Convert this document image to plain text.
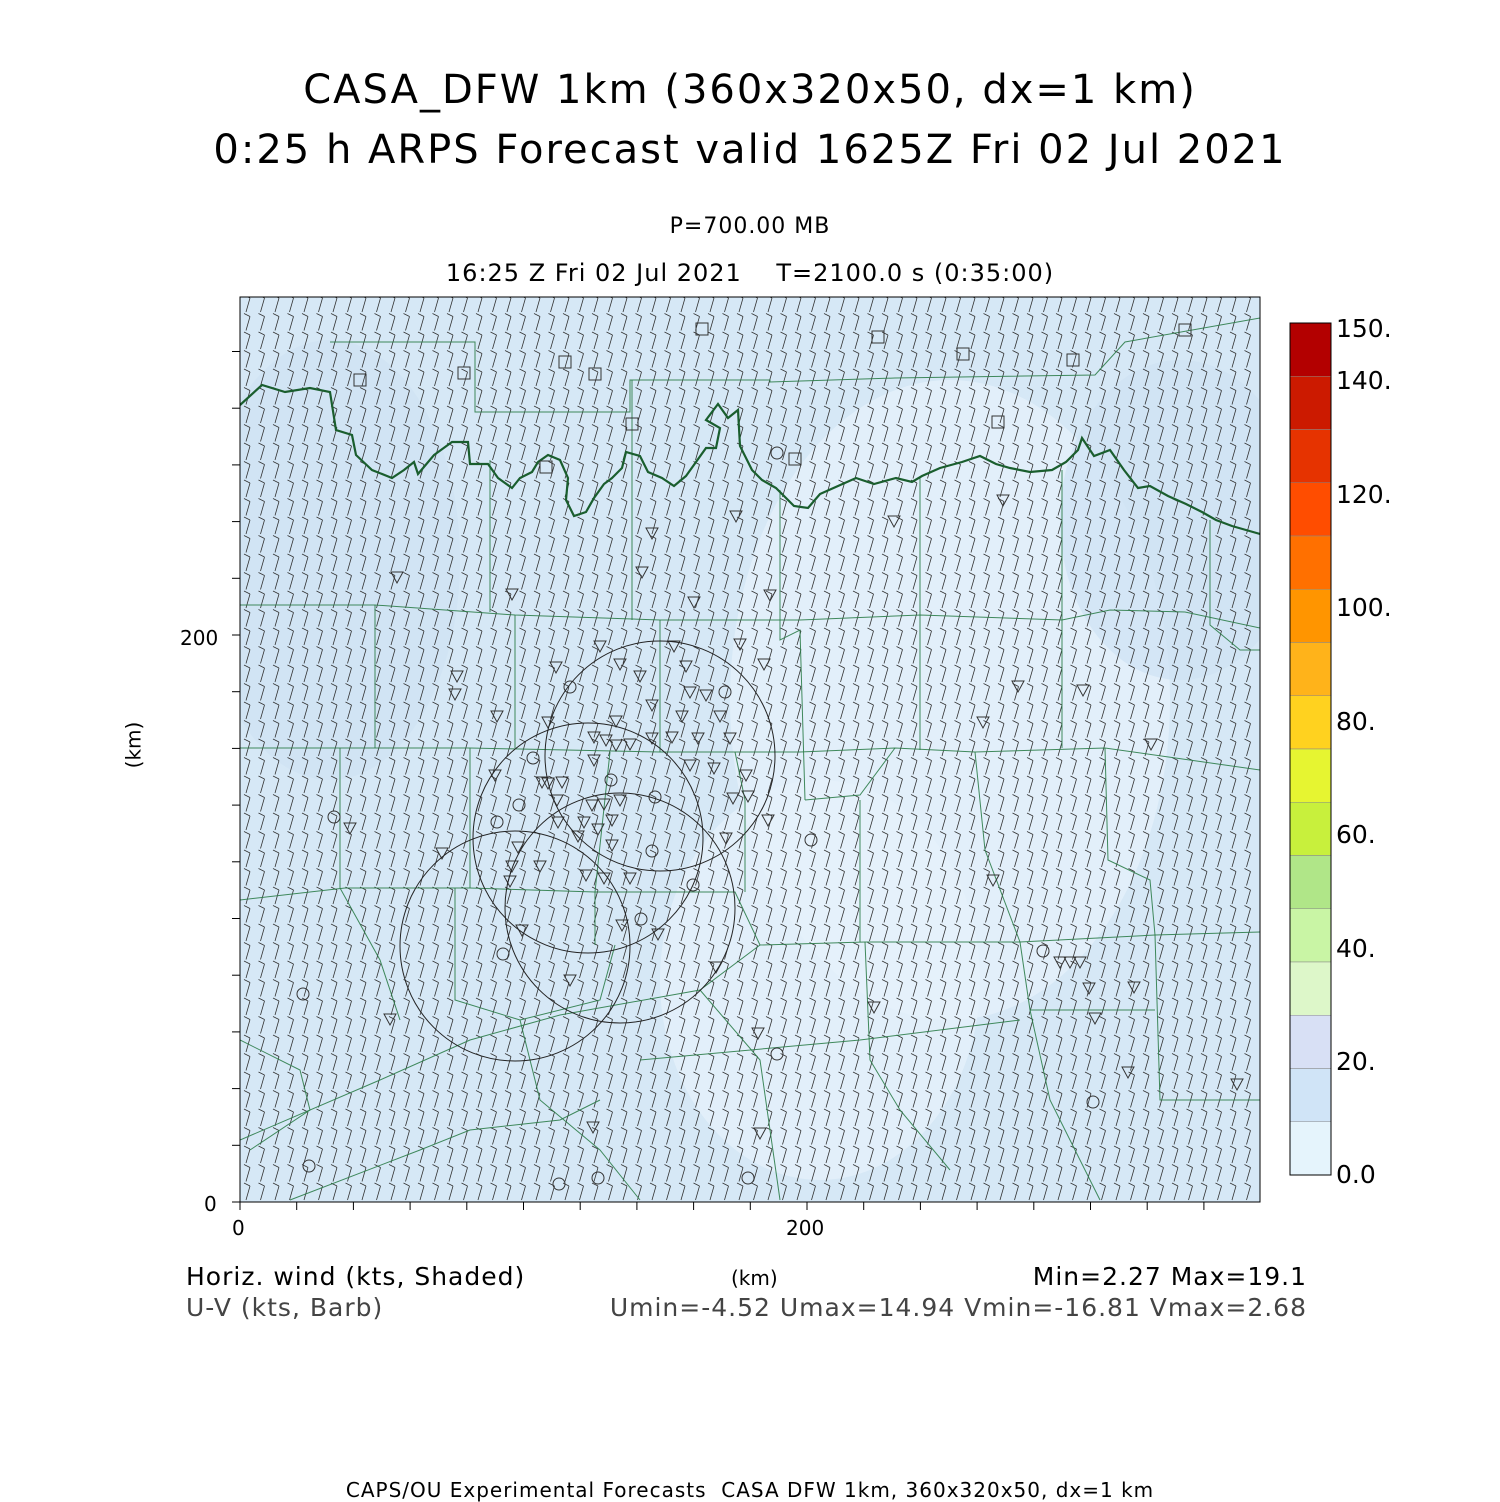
CASA_DFW 1km (360x320x50, dx=1 km)
0:25 h ARPS Forecast valid 1625Z Fri 02 Jul 2021
P=700.00 MB
16:25 Z Fri 02 Jul 2021    T=2100.0 s (0:35:00)
0
200
0	200
(km)
(km)
150.
140.
120.
100.
80.
60.
40.
20.
0.0
Horiz. wind (kts, Shaded)
U-V (kts, Barb)
Min=2.27 Max=19.1
Umin=-4.52 Umax=14.94 Vmin=-16.81 Vmax=2.68
CAPS/OU Experimental Forecasts  CASA DFW 1km, 360x320x50, dx=1 km
